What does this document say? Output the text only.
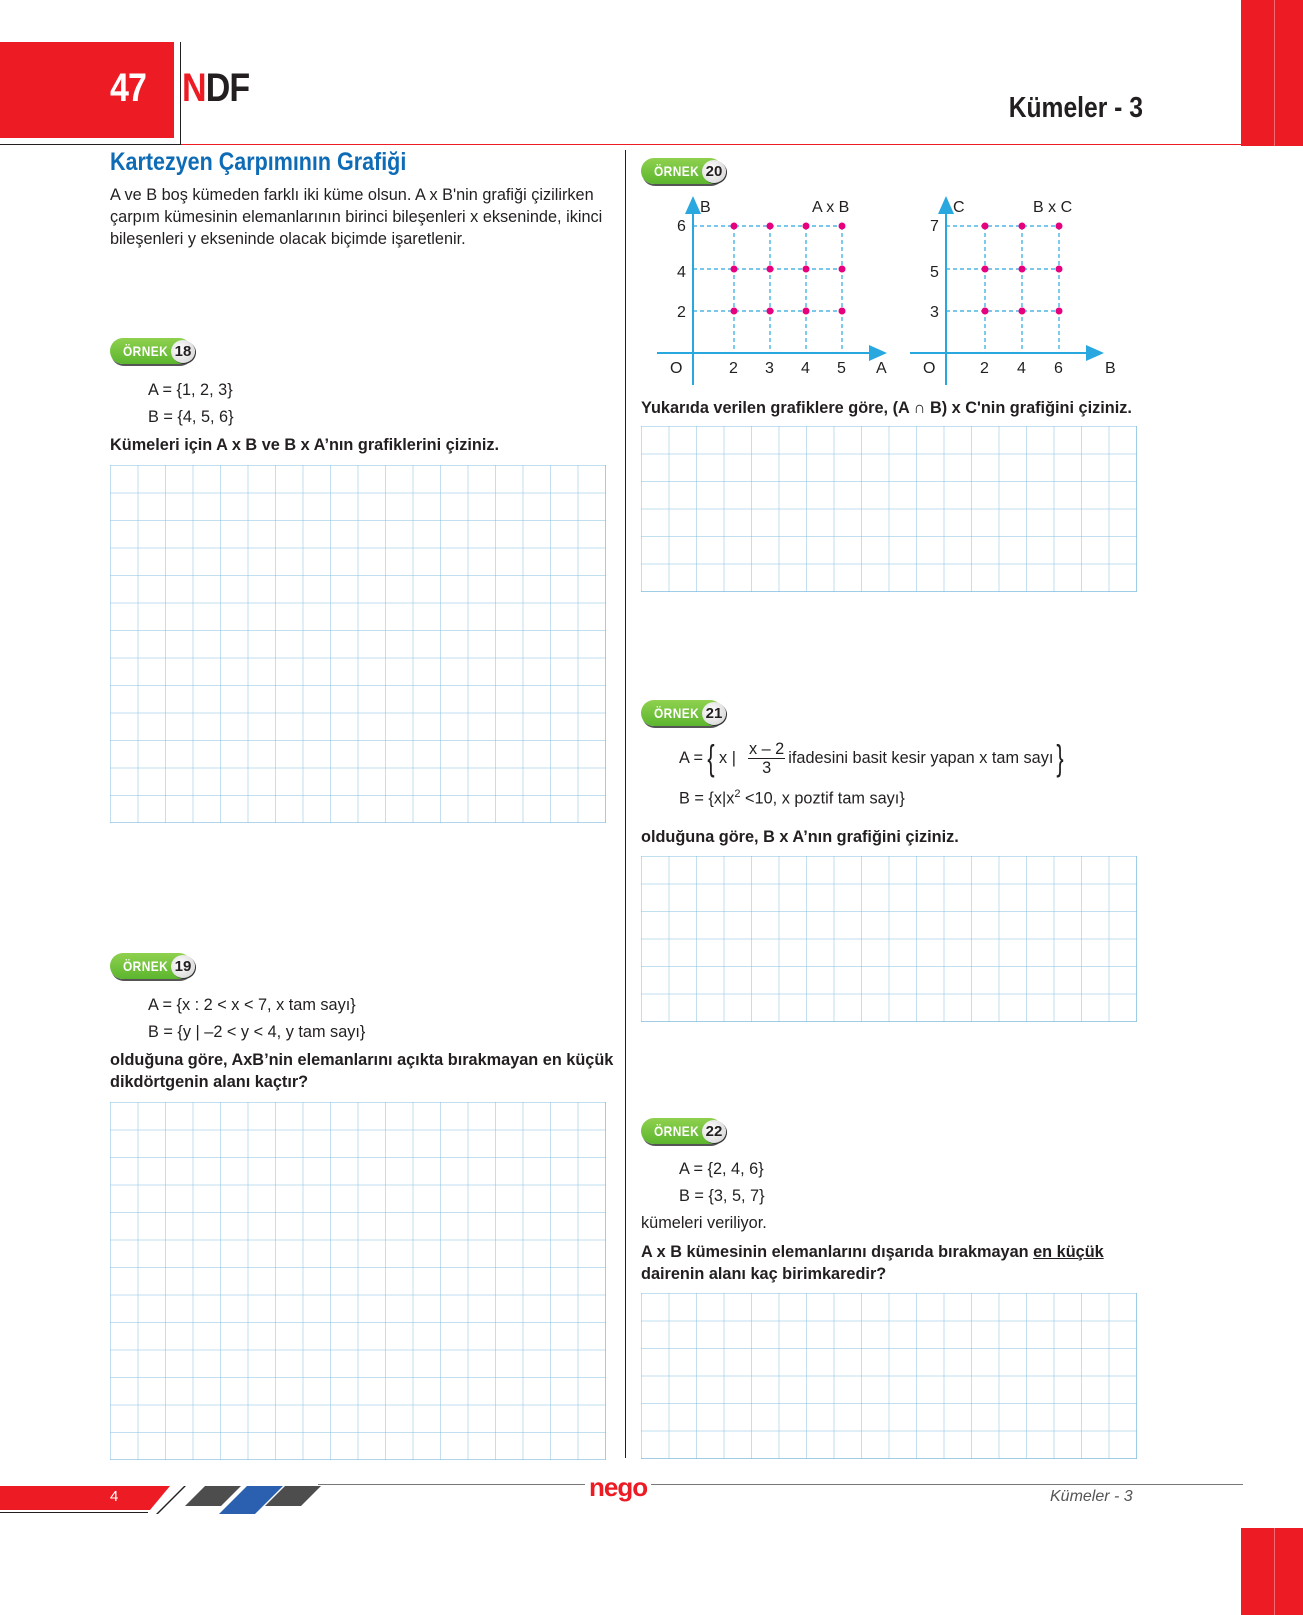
47 NDF	Kümeler - 3
Kartezyen Çarpımının Grafiği
A ve B boş kümeden farklı iki küme olsun. A x B'nin grafiği çizilirken çarpım kümesinin elemanlarının birinci bileşenleri x ekseninde, ikinci bileşenleri y ekseninde olacak biçimde işaretlenir.
ÖRNEK 18
A = {1, 2, 3}
B = {4, 5, 6}
Kümeleri için A x B ve B x A’nın grafiklerini çiziniz.
ÖRNEK 19
A = {x : 2 < x < 7, x tam sayı}
B = {y | –2 < y < 4, y tam sayı}
olduğuna göre, AxB’nin elemanlarını açıkta bırakmayan en küçük dikdörtgenin alanı kaçtır?
ÖRNEK 20
B	A x B
6
4
2
O	2 3 4 5 A
C	B x C
7
5
3
O	2 4 6	B
Yukarıda verilen grafiklere göre, (A ∩ B) x C'nin grafiğini çiziniz.
ÖRNEK 21
A = { x | x – 2
3
ifadesini basit kesir yapan x tam sayı }
$B = \{x|x^2 <10$, x poztif tam sayı}
olduğuna göre, B x A’nın grafiğini çiziniz.
ÖRNEK 22
A = {2, 4, 6}
B = {3, 5, 7}
kümeleri veriliyor.
A x B kümesinin elemanlarını dışarıda bırakmayan en küçük
dairenin alanı kaç birimkaredir?
4	nego	Kümeler - 3
